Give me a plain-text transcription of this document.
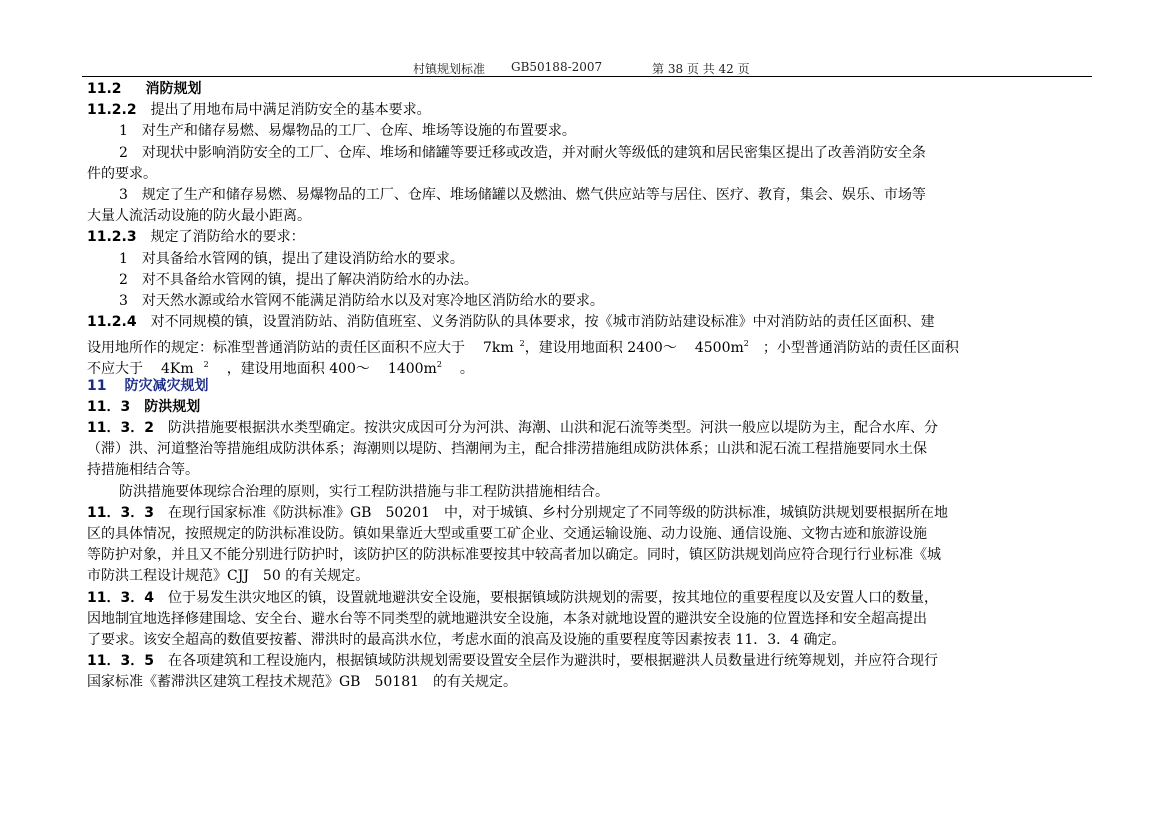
村镇规划标准 GB50188-2007	第 38 页 共 42 页
11.2 消防规划
11.2.2 提出了用地布局中满足消防安全的基本要求。
1　对生产和储存易燃、易爆物品的工厂、仓库、堆场等设施的布置要求。
2　对现状中影响消防安全的工厂、仓库、堆场和储罐等要迁移或改造，并对耐火等级低的建筑和居民密集区提出了改善消防安全条
件的要求。
3　规定了生产和储存易燃、易爆物品的工厂、仓库、堆场储罐以及燃油、燃气供应站等与居住、医疗、教育，集会、娱乐、市场等
大量人流活动设施的防火最小距离。
11.2.3 规定了消防给水的要求：
1　对具备给水管网的镇，提出了建设消防给水的要求。
2　对不具备给水管网的镇，提出了解决消防给水的办法。
3　对天然水源或给水管网不能满足消防给水以及对寒冷地区消防给水的要求。
11.2.4 对不同规模的镇，设置消防站、消防值班室、义务消防队的具体要求，按《城市消防站建设标准》中对消防站的责任区面积、建
设用地所作的规定：标准型普通消防站的责任区面积不应大于 7km $^2$，建设用地面积 2400～ $4500m^2$ ；小型普通消防站的责任区面积
不应大于 4Km $^2$ ，建设用地面积 400～ $1400m^2$ 。
11 防灾减灾规划
11．3 防洪规划
11．3．2 防洪措施要根据洪水类型确定。按洪灾成因可分为河洪、海潮、山洪和泥石流等类型。河洪一般应以堤防为主，配合水库、分
（滞）洪、河道整治等措施组成防洪体系；海潮则以堤防、挡潮闸为主，配合排涝措施组成防洪体系；山洪和泥石流工程措施要同水土保
持措施相结合等。
防洪措施要体现综合治理的原则，实行工程防洪措施与非工程防洪措施相结合。
11．3．3 在现行国家标准《防洪标准》GB　50201　中，对于城镇、乡村分别规定了不同等级的防洪标准，城镇防洪规划要根据所在地
区的具体情况，按照规定的防洪标准设防。镇如果靠近大型或重要工矿企业、交通运输设施、动力设施、通信设施、文物古迹和旅游设施
等防护对象，并且又不能分别进行防护时，该防护区的防洪标准要按其中较高者加以确定。同时，镇区防洪规划尚应符合现行行业标准《城
市防洪工程设计规范》CJJ　50 的有关规定。
11．3．4 位于易发生洪灾地区的镇，设置就地避洪安全设施，要根据镇域防洪规划的需要，按其地位的重要程度以及安置人口的数量，
因地制宜地选择修建围埝、安全台、避水台等不同类型的就地避洪安全设施，本条对就地设置的避洪安全设施的位置选择和安全超高提出
了要求。该安全超高的数值要按蓄、滞洪时的最高洪水位，考虑水面的浪高及设施的重要程度等因素按表 11．3．4 确定。
11．3．5 在各项建筑和工程设施内，根据镇域防洪规划需要设置安全层作为避洪时，要根据避洪人员数量进行统筹规划，并应符合现行
国家标准《蓄滞洪区建筑工程技术规范》GB　50181　的有关规定。
